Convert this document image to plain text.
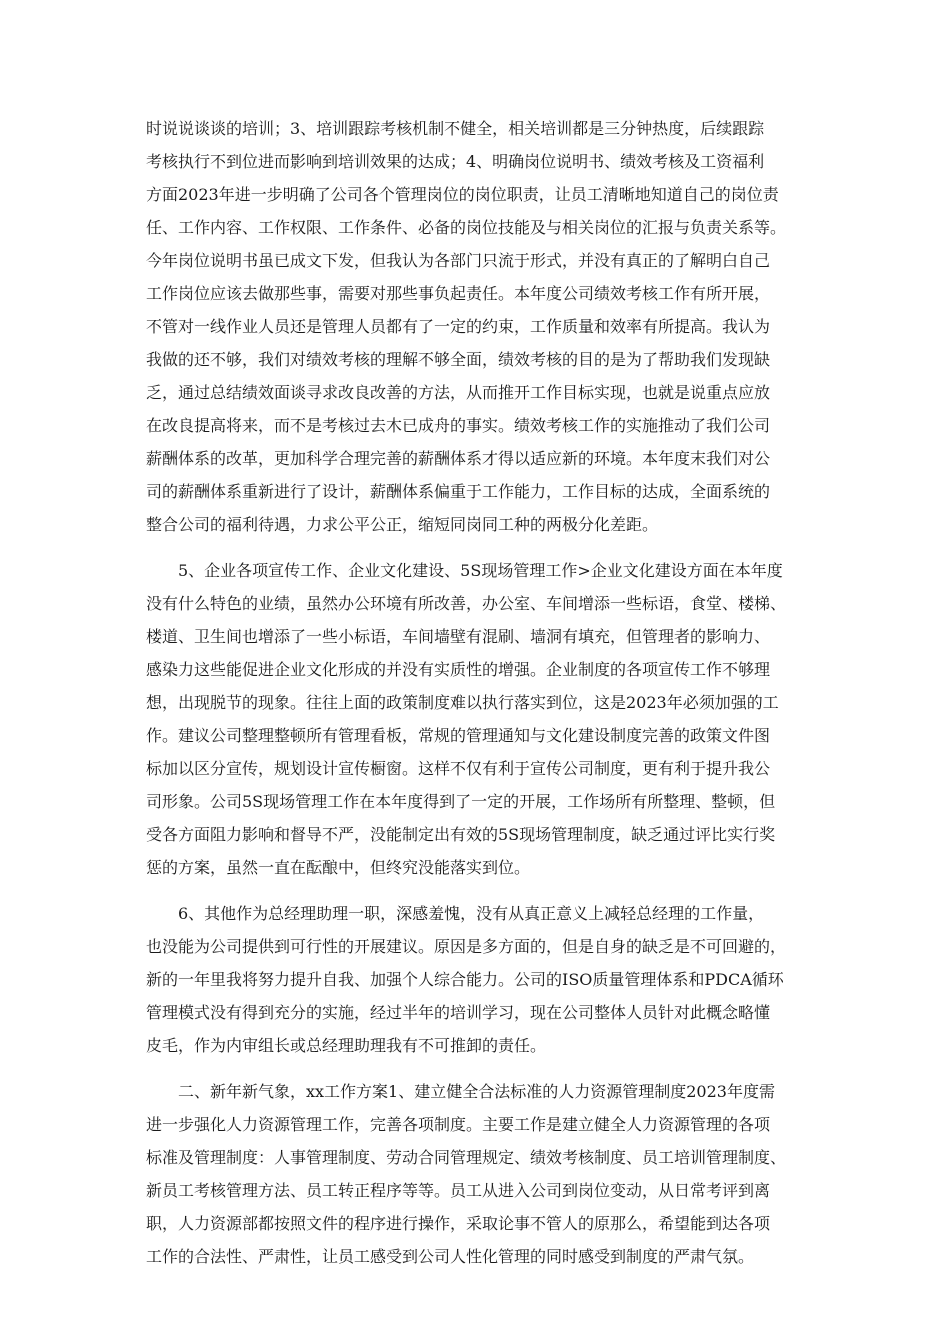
时说说谈谈的培训；3、培训跟踪考核机制不健全，相关培训都是三分钟热度，后续跟踪
考核执行不到位进而影响到培训效果的达成；4、明确岗位说明书、绩效考核及工资福利
方面2023年进一步明确了公司各个管理岗位的岗位职责，让员工清晰地知道自己的岗位责
任、工作内容、工作权限、工作条件、必备的岗位技能及与相关岗位的汇报与负责关系等。
今年岗位说明书虽已成文下发，但我认为各部门只流于形式，并没有真正的了解明白自己
工作岗位应该去做那些事，需要对那些事负起责任。本年度公司绩效考核工作有所开展，
不管对一线作业人员还是管理人员都有了一定的约束，工作质量和效率有所提高。我认为
我做的还不够，我们对绩效考核的理解不够全面，绩效考核的目的是为了帮助我们发现缺
乏，通过总结绩效面谈寻求改良改善的方法，从而推开工作目标实现，也就是说重点应放
在改良提高将来，而不是考核过去木已成舟的事实。绩效考核工作的实施推动了我们公司
薪酬体系的改革，更加科学合理完善的薪酬体系才得以适应新的环境。本年度末我们对公
司的薪酬体系重新进行了设计，薪酬体系偏重于工作能力，工作目标的达成，全面系统的
整合公司的福利待遇，力求公平公正，缩短同岗同工种的两极分化差距。
5、企业各项宣传工作、企业文化建设、5S现场管理工作>企业文化建设方面在本年度
没有什么特色的业绩，虽然办公环境有所改善，办公室、车间增添一些标语，食堂、楼梯、
楼道、卫生间也增添了一些小标语，车间墙壁有混刷、墙洞有填充，但管理者的影响力、
感染力这些能促进企业文化形成的并没有实质性的增强。企业制度的各项宣传工作不够理
想，出现脱节的现象。往往上面的政策制度难以执行落实到位，这是2023年必须加强的工
作。建议公司整理整顿所有管理看板，常规的管理通知与文化建设制度完善的政策文件图
标加以区分宣传，规划设计宣传橱窗。这样不仅有利于宣传公司制度，更有利于提升我公
司形象。公司5S现场管理工作在本年度得到了一定的开展，工作场所有所整理、整顿，但
受各方面阻力影响和督导不严，没能制定出有效的5S现场管理制度，缺乏通过评比实行奖
惩的方案，虽然一直在酝酿中，但终究没能落实到位。
6、其他作为总经理助理一职，深感羞愧，没有从真正意义上减轻总经理的工作量，
也没能为公司提供到可行性的开展建议。原因是多方面的，但是自身的缺乏是不可回避的，
新的一年里我将努力提升自我、加强个人综合能力。公司的ISO质量管理体系和PDCA循环
管理模式没有得到充分的实施，经过半年的培训学习，现在公司整体人员针对此概念略懂
皮毛，作为内审组长或总经理助理我有不可推卸的责任。
二、新年新气象，xx工作方案1、建立健全合法标准的人力资源管理制度2023年度需
进一步强化人力资源管理工作，完善各项制度。主要工作是建立健全人力资源管理的各项
标准及管理制度：人事管理制度、劳动合同管理规定、绩效考核制度、员工培训管理制度、
新员工考核管理方法、员工转正程序等等。员工从进入公司到岗位变动，从日常考评到离
职，人力资源部都按照文件的程序进行操作，采取论事不管人的原那么，希望能到达各项
工作的合法性、严肃性，让员工感受到公司人性化管理的同时感受到制度的严肃气氛。
